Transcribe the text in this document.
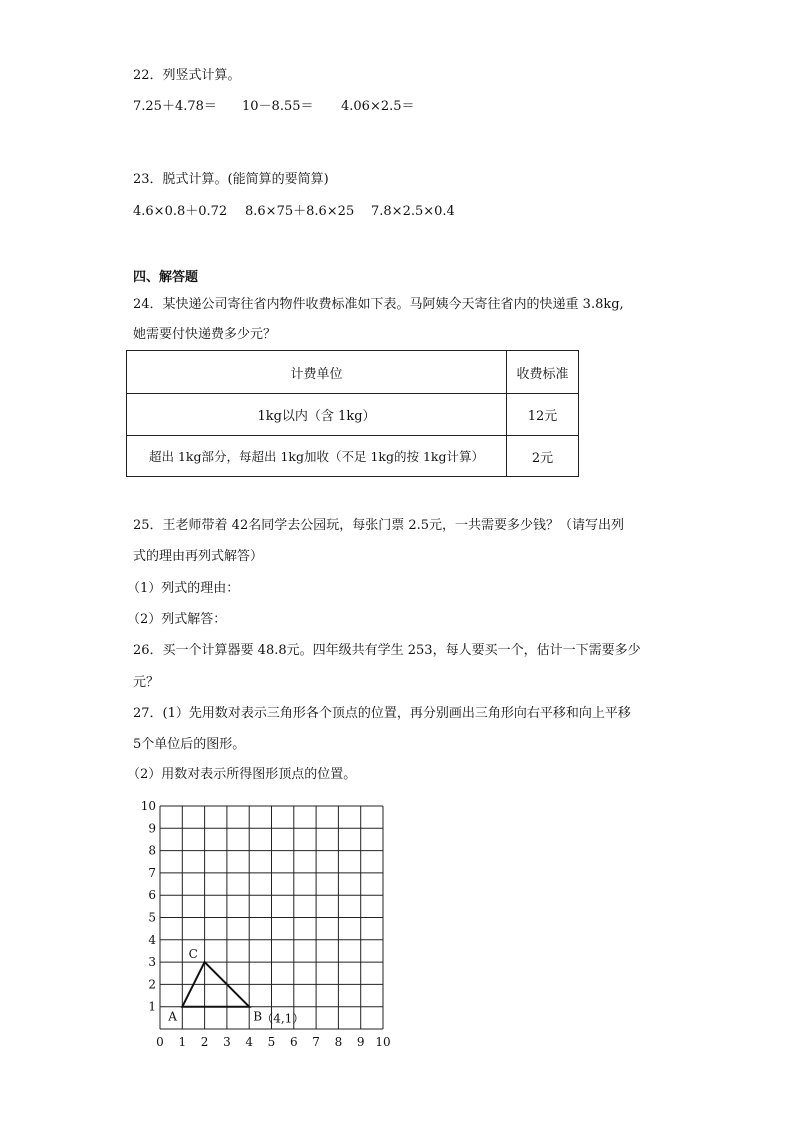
22．列竖式计算。
7.25＋4.78＝ 10－8.55＝ 4.06×2.5＝
23．脱式计算。(能简算的要简算)
4.6×0.8＋0.72 8.6×75＋8.6×25 7.8×2.5×0.4
四、解答题
24．某快递公司寄往省内物件收费标准如下表。马阿姨今天寄往省内的快递重 3.8kg,
她需要付快递费多少元？
计费单位	收费标准
1kg以内（含 1kg）	12元
超出 1kg部分，每超出 1kg加收（不足 1kg的按 1kg计算）	2元
25．王老师带着 42名同学去公园玩，每张门票 2.5元，一共需要多少钱？（请写出列
式的理由再列式解答）
（1）列式的理由：
（2）列式解答：
26．买一个计算器要 48.8元。四年级共有学生 253，每人要买一个，估计一下需要多少
元？
27．(1）先用数对表示三角形各个顶点的位置，再分别画出三角形向右平移和向上平移
5个单位后的图形。
（2）用数对表示所得图形顶点的位置。
0 1 2 3 4 5 6 7 8 9 10
1
2
3
4
5
6
7
8
9
10
A	B
C
（4,1）
